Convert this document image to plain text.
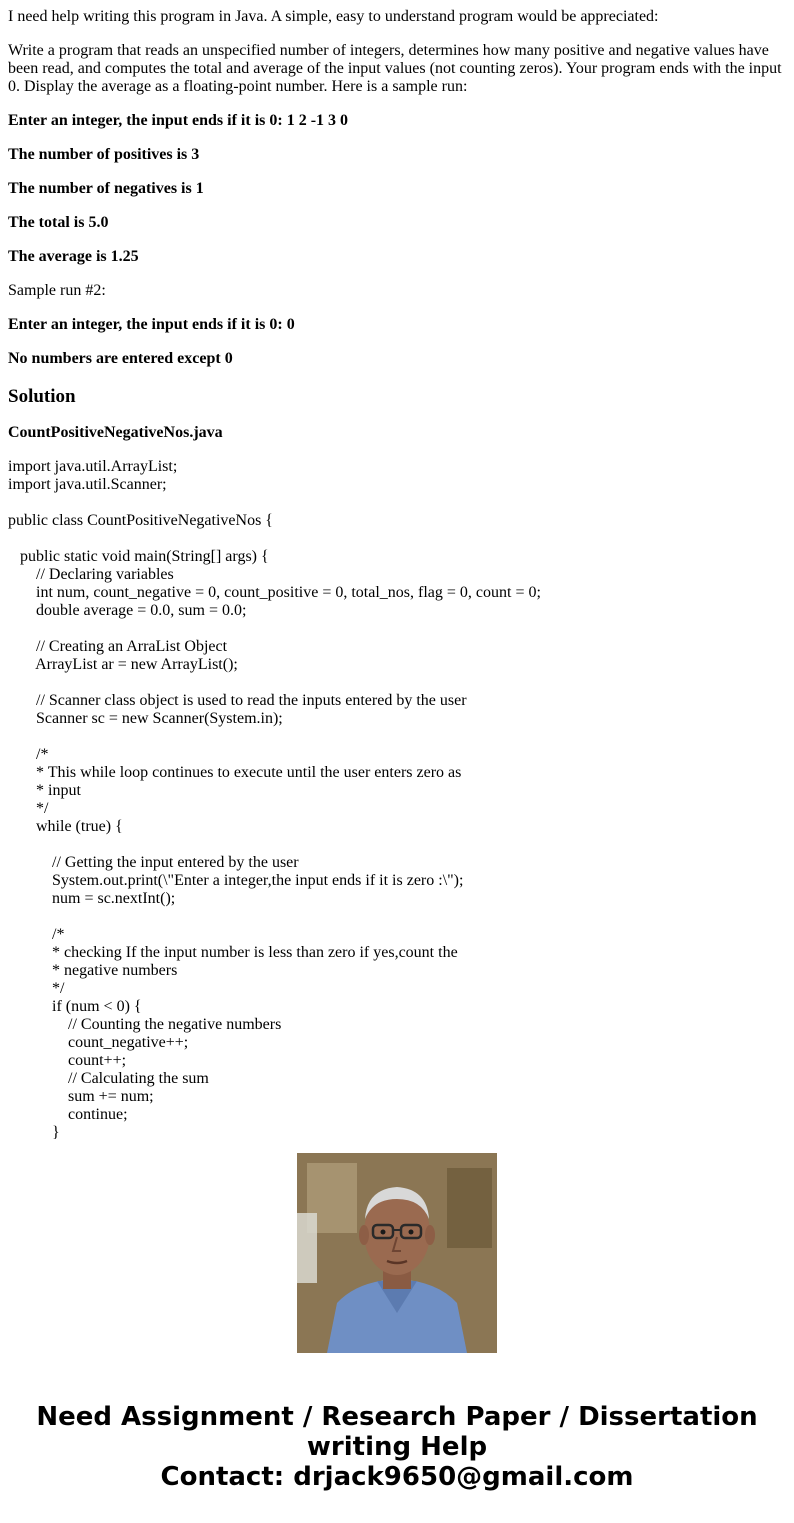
I need help writing this program in Java. A simple, easy to understand program would be appreciated:

Write a program that reads an unspecified number of integers, determines how many positive and negative values have been read, and computes the total and average of the input values (not counting zeros). Your program ends with the input 0. Display the average as a floating-point number. Here is a sample run:

Enter an integer, the input ends if it is 0: 1 2 -1 3 0

The number of positives is 3

The number of negatives is 1

The total is 5.0

The average is 1.25

Sample run #2:

Enter an integer, the input ends if it is 0: 0

No numbers are entered except 0

Solution
CountPositiveNegativeNos.java
import java.util.ArrayList;
import java.util.Scanner;

public class CountPositiveNegativeNos {

public static void main(String[] args) {
// Declaring variables
int num, count_negative = 0, count_positive = 0, total_nos, flag = 0, count = 0;
double average = 0.0, sum = 0.0;

// Creating an ArraList Object
ArrayList ar = new ArrayList();

// Scanner class object is used to read the inputs entered by the user
Scanner sc = new Scanner(System.in);

/*
* This while loop continues to execute until the user enters zero as
* input
*/
while (true) {

// Getting the input entered by the user
System.out.print(\"Enter a integer,the input ends if it is zero :\");
num = sc.nextInt();

/*
* checking If the input number is less than zero if yes,count the
* negative numbers
*/
if (num < 0) {
// Counting the negative numbers
count_negative++;
count++;
// Calculating the sum
sum += num;
continue;
}
Need Assignment / Research Paper / Dissertation
writing Help
Contact: drjack9650@gmail.com
